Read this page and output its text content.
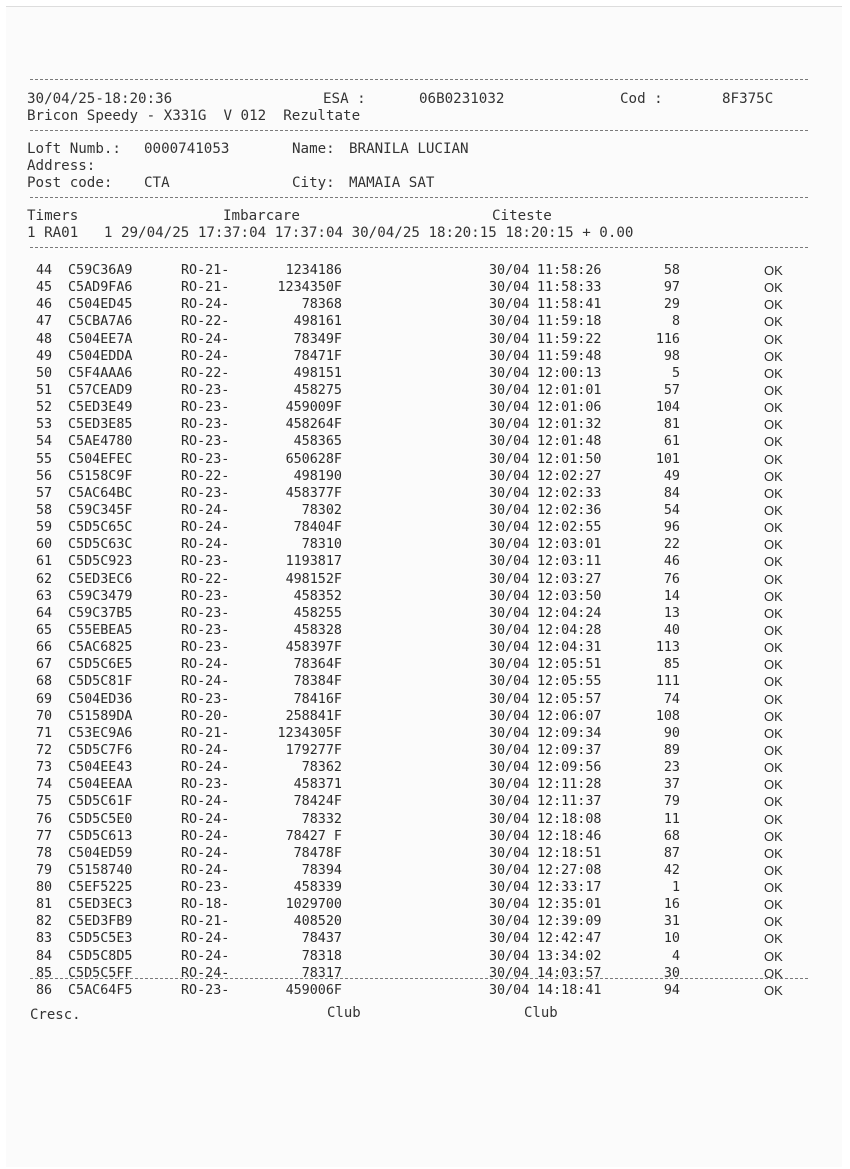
30/04/25-18:20:36	ESA :	06B0231032	Cod :	8F375C
Bricon Speedy - X331G  V 012  Rezultate
Loft Numb.: 0000741053	Name: BRANILA LUCIAN
Address:
Post code: CTA	City: MAMAIA SAT
Timers	Imbarcare	Citeste
1 RA01   1 29/04/25 17:37:04 17:37:04 30/04/25 18:20:15 18:20:15 + 0.00
44 C59C36A9	RO-21-	1234186	30/04 11:58:26	58	OK
45 C5AD9FA6	RO-21-	1234350F	30/04 11:58:33	97	OK
46 C504ED45	RO-24-	78368	30/04 11:58:41	29	OK
47 C5CBA7A6	RO-22-	498161	30/04 11:59:18	8	OK
48 C504EE7A	RO-24-	78349F	30/04 11:59:22	116	OK
49 C504EDDA	RO-24-	78471F	30/04 11:59:48	98	OK
50 C5F4AAA6	RO-22-	498151	30/04 12:00:13	5	OK
51 C57CEAD9	RO-23-	458275	30/04 12:01:01	57	OK
52 C5ED3E49	RO-23-	459009F	30/04 12:01:06	104	OK
53 C5ED3E85	RO-23-	458264F	30/04 12:01:32	81	OK
54 C5AE4780	RO-23-	458365	30/04 12:01:48	61	OK
55 C504EFEC	RO-23-	650628F	30/04 12:01:50	101	OK
56 C5158C9F	RO-22-	498190	30/04 12:02:27	49	OK
57 C5AC64BC	RO-23-	458377F	30/04 12:02:33	84	OK
58 C59C345F	RO-24-	78302	30/04 12:02:36	54	OK
59 C5D5C65C	RO-24-	78404F	30/04 12:02:55	96	OK
60 C5D5C63C	RO-24-	78310	30/04 12:03:01	22	OK
61 C5D5C923	RO-23-	1193817	30/04 12:03:11	46	OK
62 C5ED3EC6	RO-22-	498152F	30/04 12:03:27	76	OK
63 C59C3479	RO-23-	458352	30/04 12:03:50	14	OK
64 C59C37B5	RO-23-	458255	30/04 12:04:24	13	OK
65 C55EBEA5	RO-23-	458328	30/04 12:04:28	40	OK
66 C5AC6825	RO-23-	458397F	30/04 12:04:31	113	OK
67 C5D5C6E5	RO-24-	78364F	30/04 12:05:51	85	OK
68 C5D5C81F	RO-24-	78384F	30/04 12:05:55	111	OK
69 C504ED36	RO-23-	78416F	30/04 12:05:57	74	OK
70 C51589DA	RO-20-	258841F	30/04 12:06:07	108	OK
71 C53EC9A6	RO-21-	1234305F	30/04 12:09:34	90	OK
72 C5D5C7F6	RO-24-	179277F	30/04 12:09:37	89	OK
73 C504EE43	RO-24-	78362	30/04 12:09:56	23	OK
74 C504EEAA	RO-23-	458371	30/04 12:11:28	37	OK
75 C5D5C61F	RO-24-	78424F	30/04 12:11:37	79	OK
76 C5D5C5E0	RO-24-	78332	30/04 12:18:08	11	OK
77 C5D5C613	RO-24-	78427 F	30/04 12:18:46	68	OK
78 C504ED59	RO-24-	78478F	30/04 12:18:51	87	OK
79 C5158740	RO-24-	78394	30/04 12:27:08	42	OK
80 C5EF5225	RO-23-	458339	30/04 12:33:17	1	OK
81 C5ED3EC3	RO-18-	1029700	30/04 12:35:01	16	OK
82 C5ED3FB9	RO-21-	408520	30/04 12:39:09	31	OK
83 C5D5C5E3	RO-24-	78437	30/04 12:42:47	10	OK
84 C5D5C8D5	RO-24-	78318	30/04 13:34:02	4	OK
85 C5D5C5FF	RO-24-	78317	30/04 14:03:57	30	OK
86 C5AC64F5	RO-23-	459006F	30/04 14:18:41	94	OK
Cresc.	Club	Club
